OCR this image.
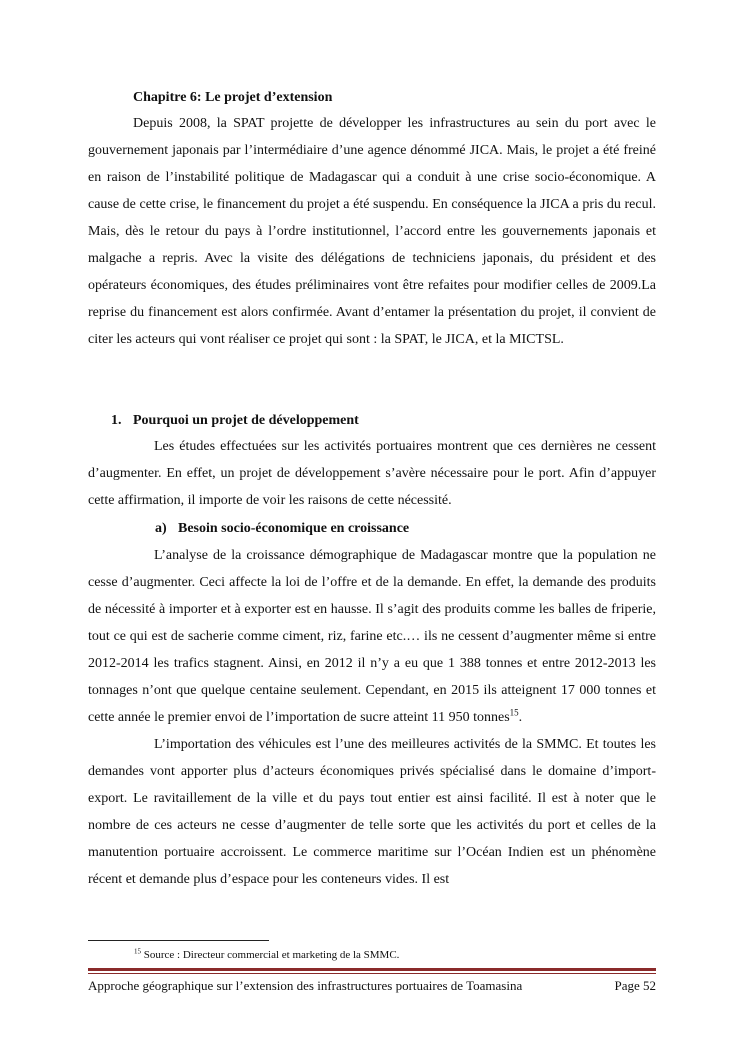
Chapitre 6: Le projet d’extension

Depuis 2008, la SPAT projette de développer les infrastructures au sein du port avec le gouvernement japonais par l’intermédiaire d’une agence dénommé JICA. Mais, le projet a été freiné en raison de l’instabilité politique de Madagascar qui a conduit à une crise socio-économique. A cause de cette crise, le financement du projet a été suspendu. En conséquence la JICA a pris du recul. Mais, dès le retour du pays à l’ordre institutionnel, l’accord entre les gouvernements japonais et malgache a repris. Avec la visite des délégations de techniciens japonais, du président et des opérateurs économiques, des études préliminaires vont être refaites pour modifier celles de 2009.La reprise du financement est alors confirmée. Avant d’entamer la présentation du projet, il convient de citer les acteurs qui vont réaliser ce projet qui sont : la SPAT, le JICA, et la MICTSL.

1. Pourquoi un projet de développement

Les études effectuées sur les activités portuaires montrent que ces dernières ne cessent d’augmenter. En effet, un projet de développement s’avère nécessaire pour le port. Afin d’appuyer cette affirmation, il importe de voir les raisons de cette nécessité.

a) Besoin socio-économique en croissance

L’analyse de la croissance démographique de Madagascar montre que la population ne cesse d’augmenter. Ceci affecte la loi de l’offre et de la demande. En effet, la demande des produits de nécessité à importer et à exporter est en hausse. Il s’agit des produits comme les balles de friperie, tout ce qui est de sacherie comme ciment, riz, farine etc.… ils ne cessent d’augmenter même si entre 2012-2014 les trafics stagnent. Ainsi, en 2012 il n’y a eu que 1 388 tonnes et entre 2012-2013 les tonnages n’ont que quelque centaine seulement. Cependant, en 2015 ils atteignent 17 000 tonnes et cette année le premier envoi de l’importation de sucre atteint 11 950 tonnes$^{15}$.

L’importation des véhicules est l’une des meilleures activités de la SMMC. Et toutes les demandes vont apporter plus d’acteurs économiques privés spécialisé dans le domaine d’import-export. Le ravitaillement de la ville et du pays tout entier est ainsi facilité. Il est à noter que le nombre de ces acteurs ne cesse d’augmenter de telle sorte que les activités du port et celles de la manutention portuaire accroissent. Le commerce maritime sur l’Océan Indien est un phénomène récent et demande plus d’espace pour les conteneurs vides. Il est

$^{15}$ Source : Directeur commercial et marketing de la SMMC.
Approche géographique sur l’extension des infrastructures portuaires de Toamasina	Page 52
